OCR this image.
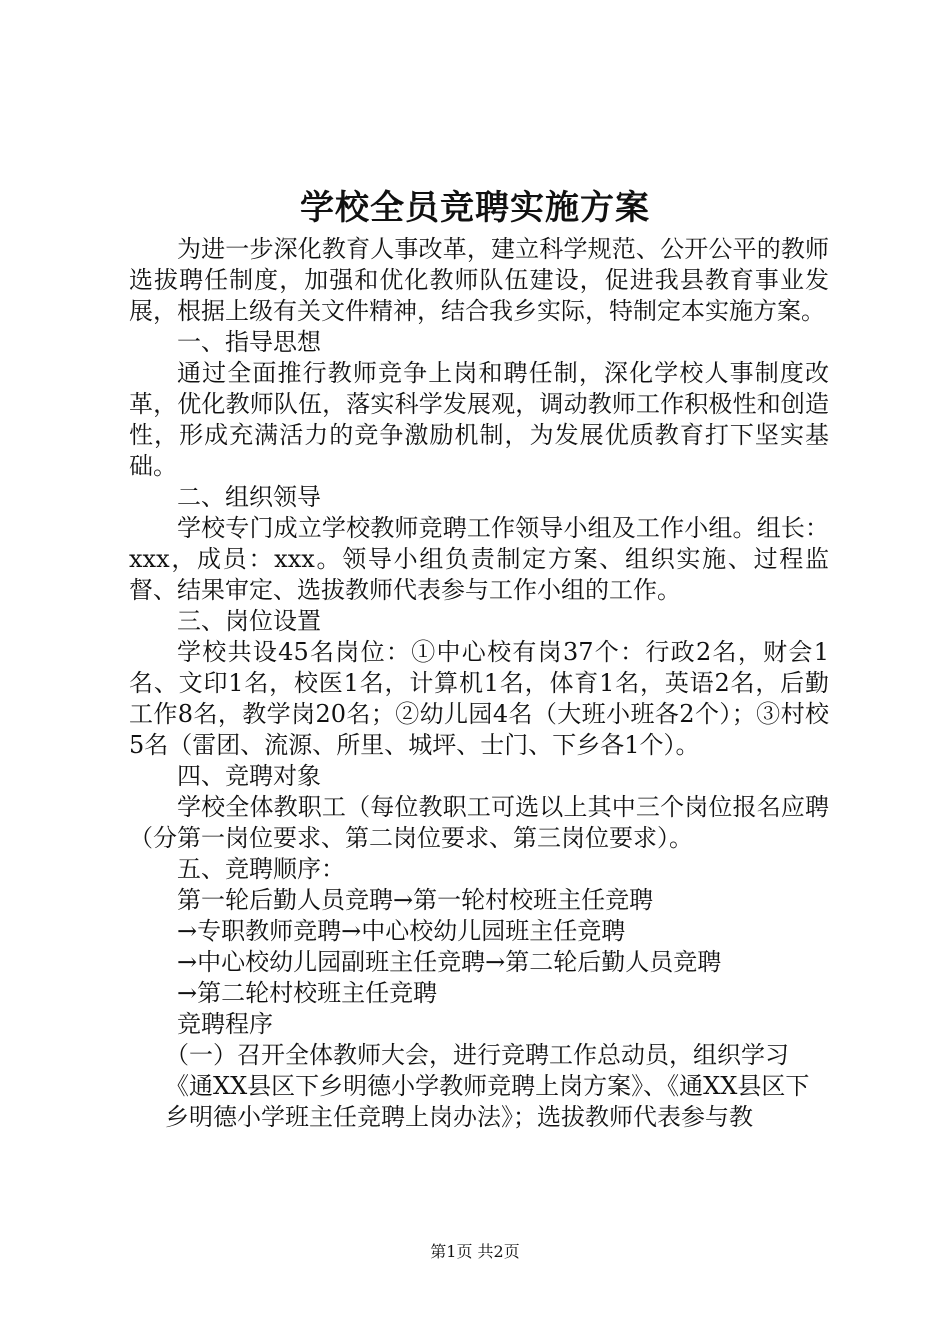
学校全员竞聘实施方案

为进一步深化教育人事改革，建立科学规范、公开公平的教师选拔聘任制度，加强和优化教师队伍建设，促进我县教育事业发展，根据上级有关文件精神，结合我乡实际，特制定本实施方案。

一、指导思想

通过全面推行教师竞争上岗和聘任制，深化学校人事制度改革，优化教师队伍，落实科学发展观，调动教师工作积极性和创造性，形成充满活力的竞争激励机制，为发展优质教育打下坚实基础。

二、组织领导

学校专门成立学校教师竞聘工作领导小组及工作小组。组长：xxx，成员：xxx。领导小组负责制定方案、组织实施、过程监督、结果审定、选拔教师代表参与工作小组的工作。

三、岗位设置

学校共设45名岗位：①中心校有岗37个：行政2名，财会1名、文印1名，校医1名，计算机1名，体育1名，英语2名，后勤工作8名，教学岗20名；②幼儿园4名（大班小班各2个）；③村校5名（雷团、流源、所里、城坪、士门、下乡各1个）。

四、竞聘对象

学校全体教职工（每位教职工可选以上其中三个岗位报名应聘（分第一岗位要求、第二岗位要求、第三岗位要求）。

五、竞聘顺序：

第一轮后勤人员竞聘→第一轮村校班主任竞聘

→专职教师竞聘→中心校幼儿园班主任竞聘

→中心校幼儿园副班主任竞聘→第二轮后勤人员竞聘

→第二轮村校班主任竞聘

竞聘程序

（一）召开全体教师大会，进行竞聘工作总动员，组织学习《通XX县区下乡明德小学教师竞聘上岗方案》、《通XX县区下乡明德小学班主任竞聘上岗办法》；选拔教师代表参与教

第1页 共2页
